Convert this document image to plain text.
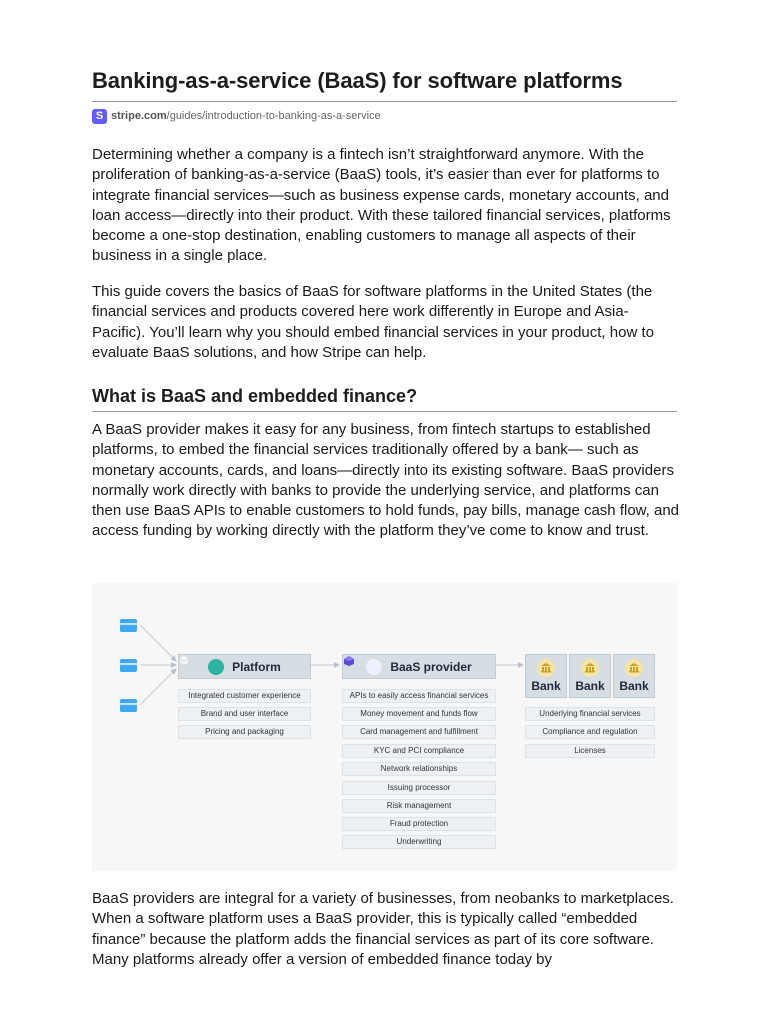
Banking-as-a-service (BaaS) for software platforms
S stripe.com /guides/introduction-to-banking-as-a-service

Determining whether a company is a fintech isn’t straightforward anymore. With the proliferation of banking-as-a-service (BaaS) tools, it’s easier than ever for platforms to integrate financial services—such as business expense cards, monetary accounts, and loan access—directly into their product. With these tailored financial services, platforms become a one-stop destination, enabling customers to manage all aspects of their business in a single place.

This guide covers the basics of BaaS for software platforms in the United States (the financial services and products covered here work differently in Europe and Asia-Pacific). You’ll learn why you should embed financial services in your product, how to evaluate BaaS solutions, and how Stripe can help.

What is BaaS and embedded finance?

A BaaS provider makes it easy for any business, from fintech startups to established platforms, to embed the financial services traditionally offered by a bank— such as monetary accounts, cards, and loans—directly into its existing software. BaaS providers normally work directly with banks to provide the underlying service, and platforms can then use BaaS APIs to enable customers to hold funds, pay bills, manage cash flow, and access funding by working directly with the platform they’ve come to know and trust.

BaaS providers are integral for a variety of businesses, from neobanks to marketplaces. When a software platform uses a BaaS provider, this is typically called “embedded finance” because the platform adds the financial services as part of its core software. Many platforms already offer a version of embedded finance today by

Platform	BaaS provider
Bank	Bank	Bank
Integrated customer experience
Brand and user interface
Pricing and packaging
APIs to easily access financial services
Money movement and funds flow
Card management and fulfillment
KYC and PCI compliance
Network relationships
Issuing processor
Risk management
Fraud protection
Underwriting
Underlying financial services
Compliance and regulation
Licenses
